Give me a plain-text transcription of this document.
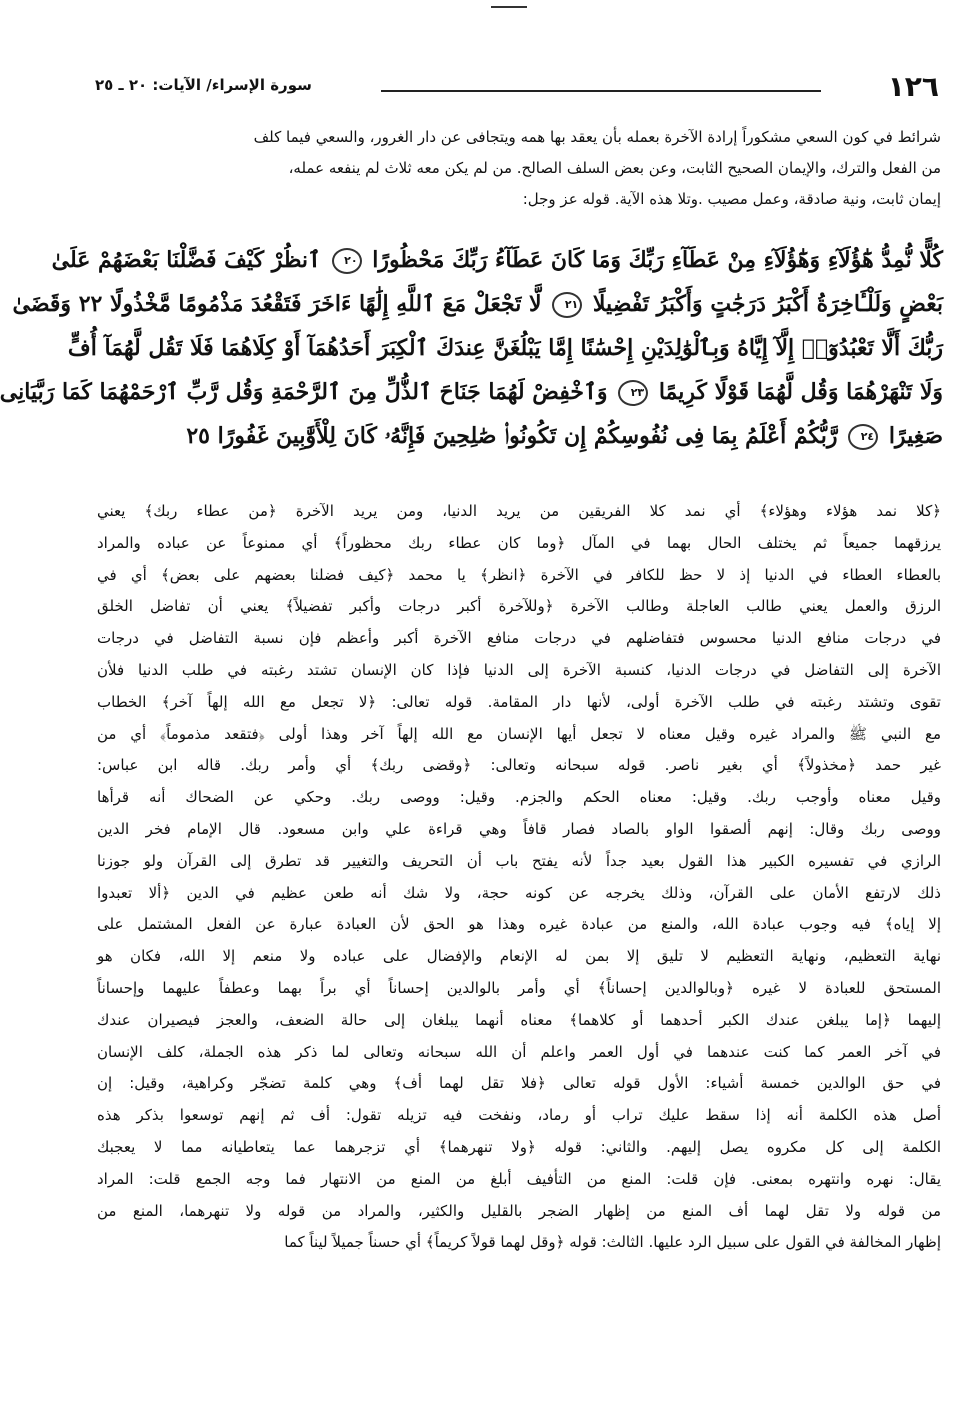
١٢٦
سورة الإسراء/ الآيات: ٢٠ ـ ٢٥
شرائط في كون السعي مشكوراً إرادة الآخرة بعمله بأن يعقد بها همه ويتجافى عن دار الغرور، والسعي فيما كلف
من الفعل والترك، والإيمان الصحيح الثابت، وعن بعض السلف الصالح. من لم يكن معه ثلاث لم ينفعه عمله،
إيمان ثابت، ونية صادقة، وعمل مصيب .وتلا هذه الآية. قوله عز وجل:
كُلًّا نُّمِدُّ هَٰٓؤُلَآءِ وَهَٰٓؤُلَآءِ مِنْ عَطَآءِ رَبِّكَ وَمَا كَانَ عَطَآءُ رَبِّكَ مَحْظُورًا ٢٠ ٱنظُرْ كَيْفَ فَضَّلْنَا بَعْضَهُمْ عَلَىٰ
بَعْضٍ وَلَلْـَٔاخِرَةُ أَكْبَرُ دَرَجَٰتٍ وَأَكْبَرُ تَفْضِيلًا ٢١ لَّا تَجْعَلْ مَعَ ٱللَّهِ إِلَٰهًا ءَاخَرَ فَتَقْعُدَ مَذْمُومًا مَّخْذُولًا ٢٢ وَقَضَىٰ
رَبُّكَ أَلَّا تَعْبُدُوٓا۟ إِلَّآ إِيَّاهُ وَبِٱلْوَٰلِدَيْنِ إِحْسَٰنًا إِمَّا يَبْلُغَنَّ عِندَكَ ٱلْكِبَرَ أَحَدُهُمَآ أَوْ كِلَاهُمَا فَلَا تَقُل لَّهُمَآ أُفٍّ
وَلَا تَنْهَرْهُمَا وَقُل لَّهُمَا قَوْلًا كَرِيمًا ٢٣ وَٱخْفِضْ لَهُمَا جَنَاحَ ٱلذُّلِّ مِنَ ٱلرَّحْمَةِ وَقُل رَّبِّ ٱرْحَمْهُمَا كَمَا رَبَّيَانِى
صَغِيرًا ٢٤ رَّبُّكُمْ أَعْلَمُ بِمَا فِى نُفُوسِكُمْ إِن تَكُونُوا۟ صَٰلِحِينَ فَإِنَّهُۥ كَانَ لِلْأَوَّٰبِينَ غَفُورًا ٢٥
﴿كلا نمد هؤلاء وهؤلاء﴾ أي نمد كلا الفريقين من يريد الدنيا، ومن يريد الآخرة ﴿من عطاء ربك﴾ يعني
يرزقهما جميعاً ثم يختلف الحال بهما في المآل ﴿وما كان عطاء ربك محظوراً﴾ أي ممنوعاً عن عباده والمراد
بالعطاء العطاء في الدنيا إذ لا حظ للكافر في الآخرة ﴿انظر﴾ يا محمد ﴿كيف فضلنا بعضهم على بعض﴾ أي في
الرزق والعمل يعني طالب العاجلة وطالب الآخرة ﴿وللآخرة أكبر درجات وأكبر تفضيلاً﴾ يعني أن تفاضل الخلق
في درجات منافع الدنيا محسوس فتفاضلهم في درجات منافع الآخرة أكبر وأعظم فإن نسبة التفاضل في درجات
الآخرة إلى التفاضل في درجات الدنيا، كنسبة الآخرة إلى الدنيا فإذا كان الإنسان تشتد رغبته في طلب الدنيا فلأن
تقوى وتشتد رغبته في طلب الآخرة أولى، لأنها دار المقامة. قوله تعالى: ﴿لا تجعل مع الله إلهاً آخر﴾ الخطاب
مع النبي ﷺ والمراد غيره وقيل معناه لا تجعل أيها الإنسان مع الله إلهاً آخر وهذا أولى ﴿فتقعد مذموماً﴾ أي من
غير حمد ﴿مخذولاً﴾ أي بغير ناصر. قوله سبحانه وتعالى: ﴿وقضى ربك﴾ أي وأمر ربك. قاله ابن عباس:
وقيل معناه وأوجب ربك. وقيل: معناه الحكم والجزم. وقيل: ووصى ربك. وحكي عن الضحاك أنه قرأها
ووصى ربك وقال: إنهم ألصقوا الواو بالصاد فصار قافاً وهي قراءة علي وابن مسعود. قال الإمام فخر الدين
الرازي في تفسيره الكبير هذا القول بعيد جداً لأنه يفتح باب أن التحريف والتغيير قد تطرق إلى القرآن ولو جوزنا
ذلك لارتفع الأمان على القرآن، وذلك يخرجه عن كونه حجة، ولا شك أنه طعن عظيم في الدين ﴿ألا تعبدوا
إلا إياه﴾ فيه وجوب عبادة الله، والمنع من عبادة غيره وهذا هو الحق لأن العبادة عبارة عن الفعل المشتمل على
نهاية التعظيم، ونهاية التعظيم لا تليق إلا بمن له الإنعام والإفضال على عباده ولا منعم إلا الله، فكان هو
المستحق للعبادة لا غيره ﴿وبالوالدين إحساناً﴾ أي وأمر بالوالدين إحساناً أي براً بهما وعطفاً عليهما وإحساناً
إليهما ﴿إما يبلغن عندك الكبر أحدهما أو كلاهما﴾ معناه أنهما يبلغان إلى حالة الضعف، والعجز فيصيران عندك
في آخر العمر كما كنت عندهما في أول العمر واعلم أن الله سبحانه وتعالى لما ذكر هذه الجملة، كلف الإنسان
في حق الوالدين خمسة أشياء: الأول قوله تعالى ﴿فلا تقل لهما أف﴾ وهي كلمة تضجّر وكراهية، وقيل: إن
أصل هذه الكلمة أنه إذا سقط عليك تراب أو رماد، ونفخت فيه تزيله تقول: أف ثم إنهم توسعوا بذكر هذه
الكلمة إلى كل مكروه يصل إليهم. والثاني: قوله ﴿ولا تنهرهما﴾ أي تزجرهما عما يتعاطيانه مما لا يعجبك
يقال: نهره وانتهره بمعنى. فإن قلت: المنع من التأفيف أبلغ من المنع من الانتهار فما وجه الجمع قلت: المراد
من قوله ولا تقل لهما أف المنع من إظهار الضجر بالقليل والكثير، والمراد من قوله ولا تنهرهما، المنع من
إظهار المخالفة في القول على سبيل الرد عليها. الثالث: قوله ﴿وقل لهما قولاً كريماً﴾ أي حسناً جميلاً ليناً كما
